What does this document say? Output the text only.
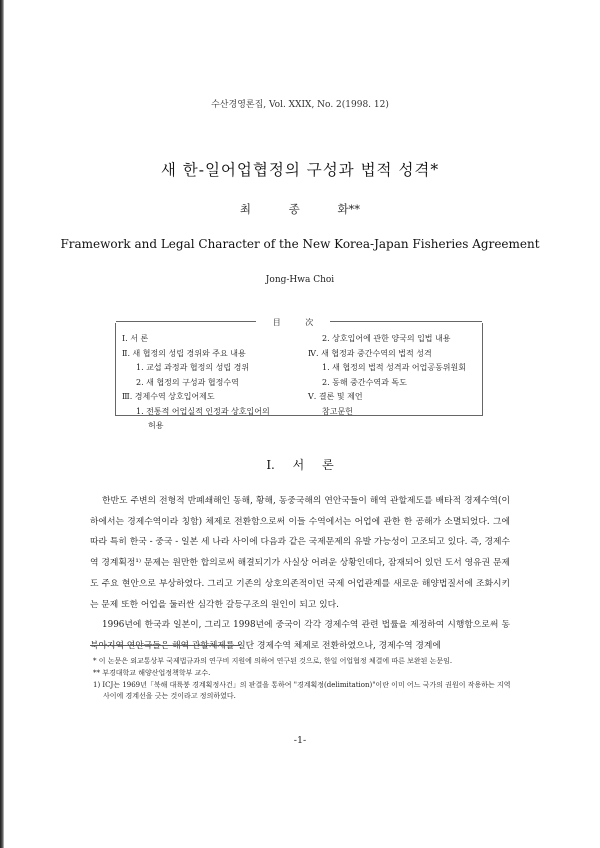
수산경영론집, Vol. XXIX, No. 2(1998. 12)
새 한-일어업협정의 구성과 법적 성격*
최 종 화**
Framework and Legal Character of the New Korea-Japan Fisheries Agreement
Jong-Hwa Choi
目 次
Ⅰ. 서 론
Ⅱ. 새 협정의 성립 경위와 주요 내용
1. 교섭 과정과 협정의 성립 경위
2. 새 협정의 구성과 협정수역
Ⅲ. 경제수역 상호입어제도
1. 전통적 어업실적 인정과 상호입어의
허용
2. 상호입어에 관한 양국의 입법 내용
Ⅳ. 새 협정과 중간수역의 법적 성격
1. 새 협정의 법적 성격과 어업공동위원회
2. 동해 중간수역과 독도
Ⅴ. 결론 및 제언
참고문헌
Ⅰ. 서 론

한반도 주변의 전형적 반폐쇄해인 동해, 황해, 동중국해의 연안국들이 해역 관할제도를 배타적 경제수역(이하에서는 경제수역이라 칭함) 체제로 전환함으로써 이들 수역에서는 어업에 관한 한 공해가 소멸되었다. 그에 따라 특히 한국 - 중국 - 일본 세 나라 사이에 다음과 같은 국제문제의 유발 가능성이 고조되고 있다. 즉, 경제수역 경계획정¹⁾ 문제는 원만한 합의로써 해결되기가 사실상 어려운 상황인데다, 잠재되어 있던 도서 영유권 문제도 주요 현안으로 부상하였다. 그리고 기존의 상호의존적이던 국제 어업관계를 새로운 해양법질서에 조화시키는 문제 또한 어업을 둘러싼 심각한 갈등구조의 원인이 되고 있다.

1996년에 한국과 일본이, 그리고 1998년에 중국이 각각 경제수역 관련 법률을 제정하여 시행함으로써 동북아지역 연안국들은 해역 관할체제를 일단 경제수역 체제로 전환하였으나, 경제수역 경계에

* 이 논문은 외교통상부 국제법규과의 연구비 지원에 의하여 연구된 것으로, 한일 어업협정 체결에 따른 보완된 논문임.
** 부경대학교 해양산업정책학부 교수.
1) ICJ는 1969년「북해 대륙붕 경계획정사건」의 판결을 통하여 "경계획정(delimitation)"이란 이미 어느 국가의 권원이 작용하는 지역 사이에 경계선을 긋는 것이라고 정의하였다.
-1-
